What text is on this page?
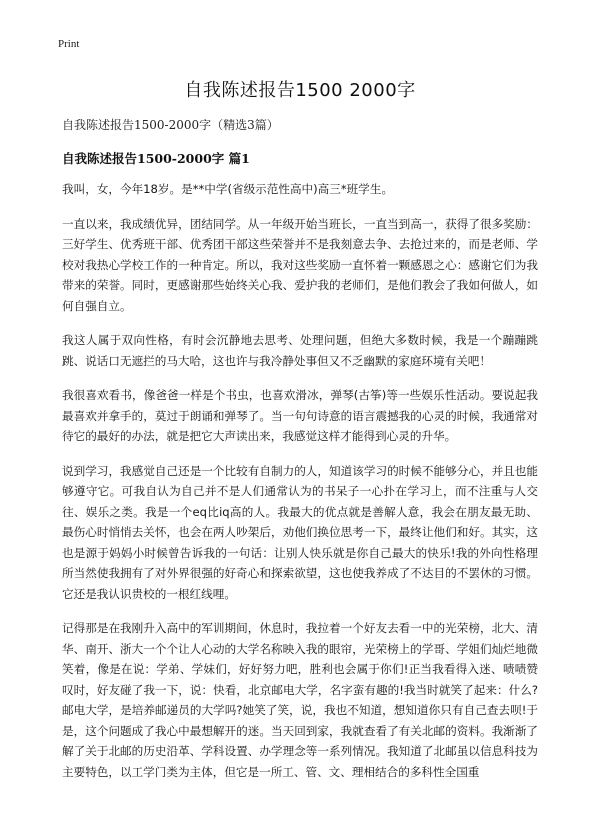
Print
自我陈述报告1500 2000字
自我陈述报告1500-2000字（精选3篇）
自我陈述报告1500-2000字 篇1

我叫，女，今年18岁。是**中学(省级示范性高中)高三*班学生。

一直以来，我成绩优异，团结同学。从一年级开始当班长，一直当到高一，获得了很多奖励：三好学生、优秀班干部、优秀团干部这些荣誉并不是我刻意去争、去抢过来的，而是老师、学校对我热心学校工作的一种肯定。所以，我对这些奖励一直怀着一颗感恩之心：感谢它们为我带来的荣誉。同时，更感谢那些始终关心我、爱护我的老师们，是他们教会了我如何做人，如何自强自立。

我这人属于双向性格，有时会沉静地去思考、处理问题，但绝大多数时候，我是一个蹦蹦跳跳、说话口无遮拦的马大哈，这也许与我冷静处事但又不乏幽默的家庭环境有关吧！

我很喜欢看书，像爸爸一样是个书虫，也喜欢滑冰，弹琴(古筝)等一些娱乐性活动。要说起我最喜欢并拿手的，莫过于朗诵和弹琴了。当一句句诗意的语言震撼我的心灵的时候，我通常对待它的最好的办法，就是把它大声读出来，我感觉这样才能得到心灵的升华。

说到学习，我感觉自己还是一个比较有自制力的人，知道该学习的时候不能够分心，并且也能够遵守它。可我自认为自己并不是人们通常认为的书呆子一心扑在学习上，而不注重与人交往、娱乐之类。我是一个eq比iq高的人。我最大的优点就是善解人意，我会在朋友最无助、最伤心时悄悄去关怀，也会在两人吵架后，劝他们换位思考一下，最终让他们和好。其实，这也是源于妈妈小时候曾告诉我的一句话：让别人快乐就是你自己最大的快乐!我的外向性格理所当然使我拥有了对外界很强的好奇心和探索欲望，这也使我养成了不达目的不罢休的习惯。它还是我认识贵校的一根红线哩。

记得那是在我刚升入高中的军训期间，休息时，我拉着一个好友去看一中的光荣榜，北大、清华、南开、浙大一个个让人心动的大学名称映入我的眼帘，光荣榜上的学哥、学姐们灿烂地微笑着，像是在说：学弟、学妹们，好好努力吧，胜利也会属于你们!正当我看得入迷、啧啧赞叹时，好友碰了我一下，说：快看，北京邮电大学，名字蛮有趣的!我当时就笑了起来：什么?邮电大学，是培养邮递员的大学吗?她笑了笑，说，我也不知道，想知道你只有自己查去呗!于是，这个问题成了我心中最想解开的迷。当天回到家，我就查看了有关北邮的资料。我渐渐了解了关于北邮的历史沿革、学科设置、办学理念等一系列情况。我知道了北邮虽以信息科技为主要特色，以工学门类为主体，但它是一所工、管、文、理相结合的多科性全国重
